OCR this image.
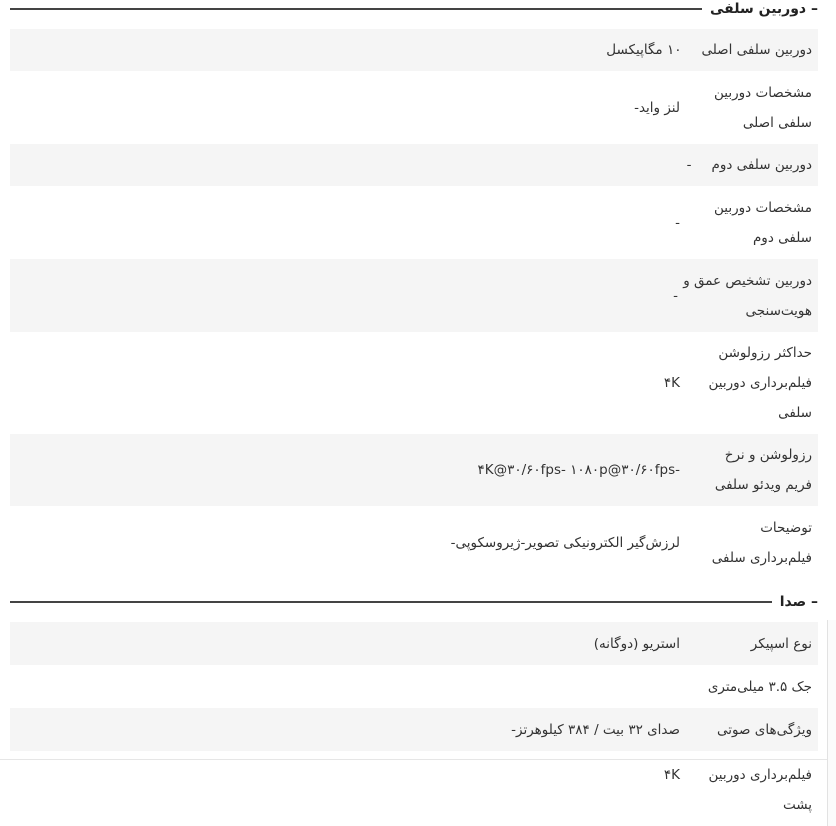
– دوربین سلفی
دوربین سلفی اصلی
۱۰ مگاپیکسل
مشخصات دوربین سلفی اصلی
لنز واید-
دوربین سلفی دوم
-
مشخصات دوربین سلفی دوم
-
دوربین تشخیص عمق و هویت‌سنجی
-
حداکثر رزولوشن فیلم‌برداری دوربین سلفی
۴K
رزولوشن و نرخ فریم ویدئو سلفی
-۴K@۳۰/۶۰fps- ۱۰۸۰p@۳۰/۶۰fps
توضیحات فیلم‌برداری سلفی
لرزش‌گیر الکترونیکی تصویر-ژیروسکوپی-
– صدا
نوع اسپیکر
استریو (دوگانه)
جک ۳.۵ میلی‌متری
ویژگی‌های صوتی
صدای ۳۲ بیت / ۳۸۴ کیلوهرتز-
فیلم‌برداری دوربین پشت
۴K
